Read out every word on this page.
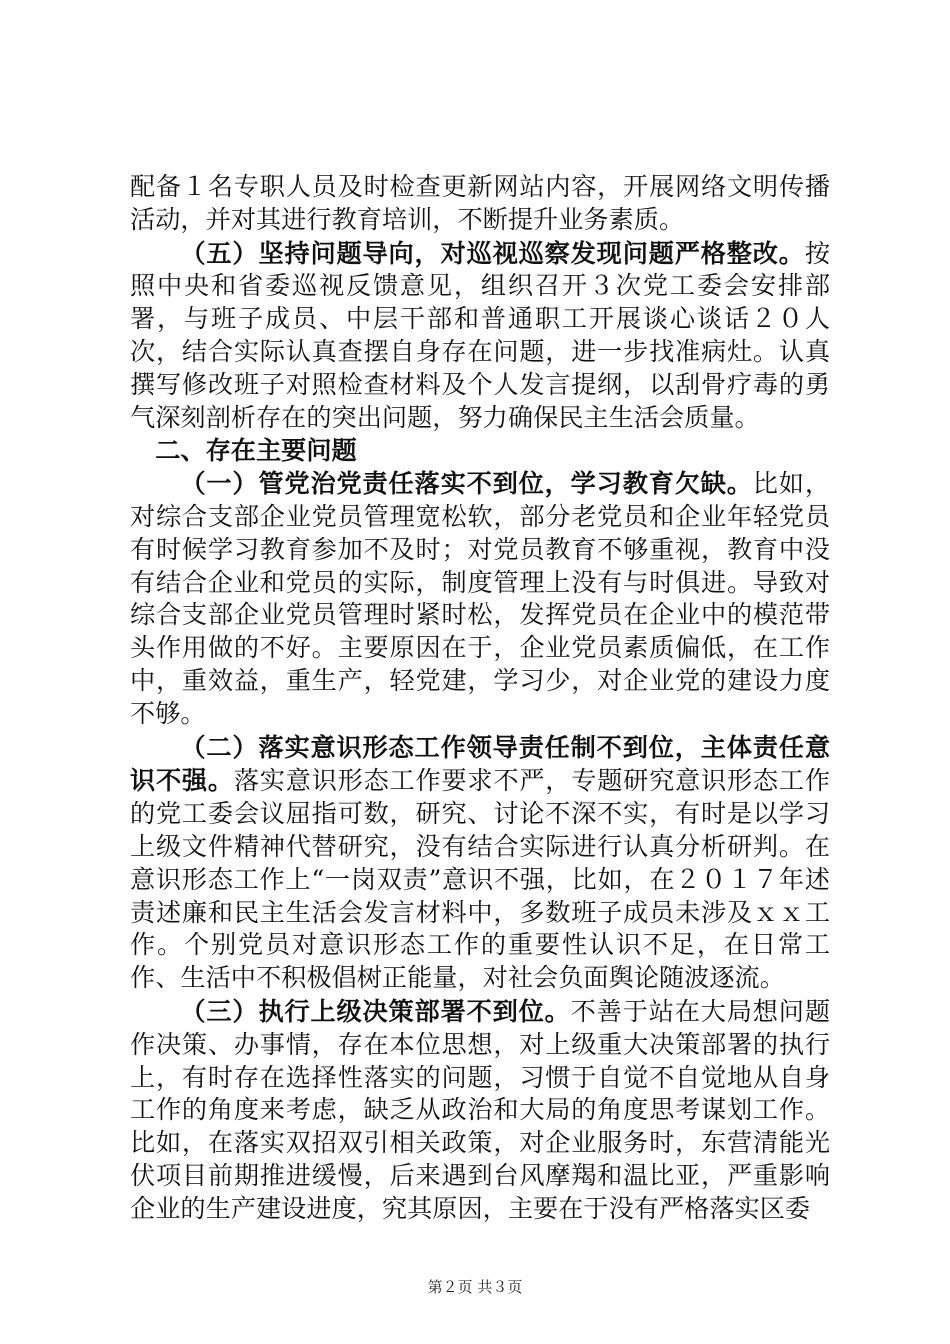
配备１名专职人员及时检查更新网站内容，开展网络文明传播活动，并对其进行教育培训，不断提升业务素质。

（五）坚持问题导向，对巡视巡察发现问题严格整改。按照中央和省委巡视反馈意见，组织召开３次党工委会安排部署，与班子成员、中层干部和普通职工开展谈心谈话２０人次，结合实际认真查摆自身存在问题，进一步找准病灶。认真撰写修改班子对照检查材料及个人发言提纲，以刮骨疗毒的勇气深刻剖析存在的突出问题，努力确保民主生活会质量。

二、存在主要问题

（一）管党治党责任落实不到位，学习教育欠缺。比如，对综合支部企业党员管理宽松软，部分老党员和企业年轻党员有时候学习教育参加不及时；对党员教育不够重视，教育中没有结合企业和党员的实际，制度管理上没有与时俱进。导致对综合支部企业党员管理时紧时松，发挥党员在企业中的模范带头作用做的不好。主要原因在于，企业党员素质偏低，在工作中，重效益，重生产，轻党建，学习少，对企业党的建设力度不够。

（二）落实意识形态工作领导责任制不到位，主体责任意识不强。落实意识形态工作要求不严，专题研究意识形态工作的党工委会议屈指可数，研究、讨论不深不实，有时是以学习上级文件精神代替研究，没有结合实际进行认真分析研判。在意识形态工作上“一岗双责”意识不强，比如，在２０１７年述责述廉和民主生活会发言材料中，多数班子成员未涉及ｘｘ工作。个别党员对意识形态工作的重要性认识不足，在日常工作、生活中不积极倡树正能量，对社会负面舆论随波逐流。

（三）执行上级决策部署不到位。不善于站在大局想问题作决策、办事情，存在本位思想，对上级重大决策部署的执行上，有时存在选择性落实的问题，习惯于自觉不自觉地从自身工作的角度来考虑，缺乏从政治和大局的角度思考谋划工作。比如，在落实双招双引相关政策，对企业服务时，东营清能光伏项目前期推进缓慢，后来遇到台风摩羯和温比亚，严重影响企业的生产建设进度，究其原因，主要在于没有严格落实区委

第２页 共３页
